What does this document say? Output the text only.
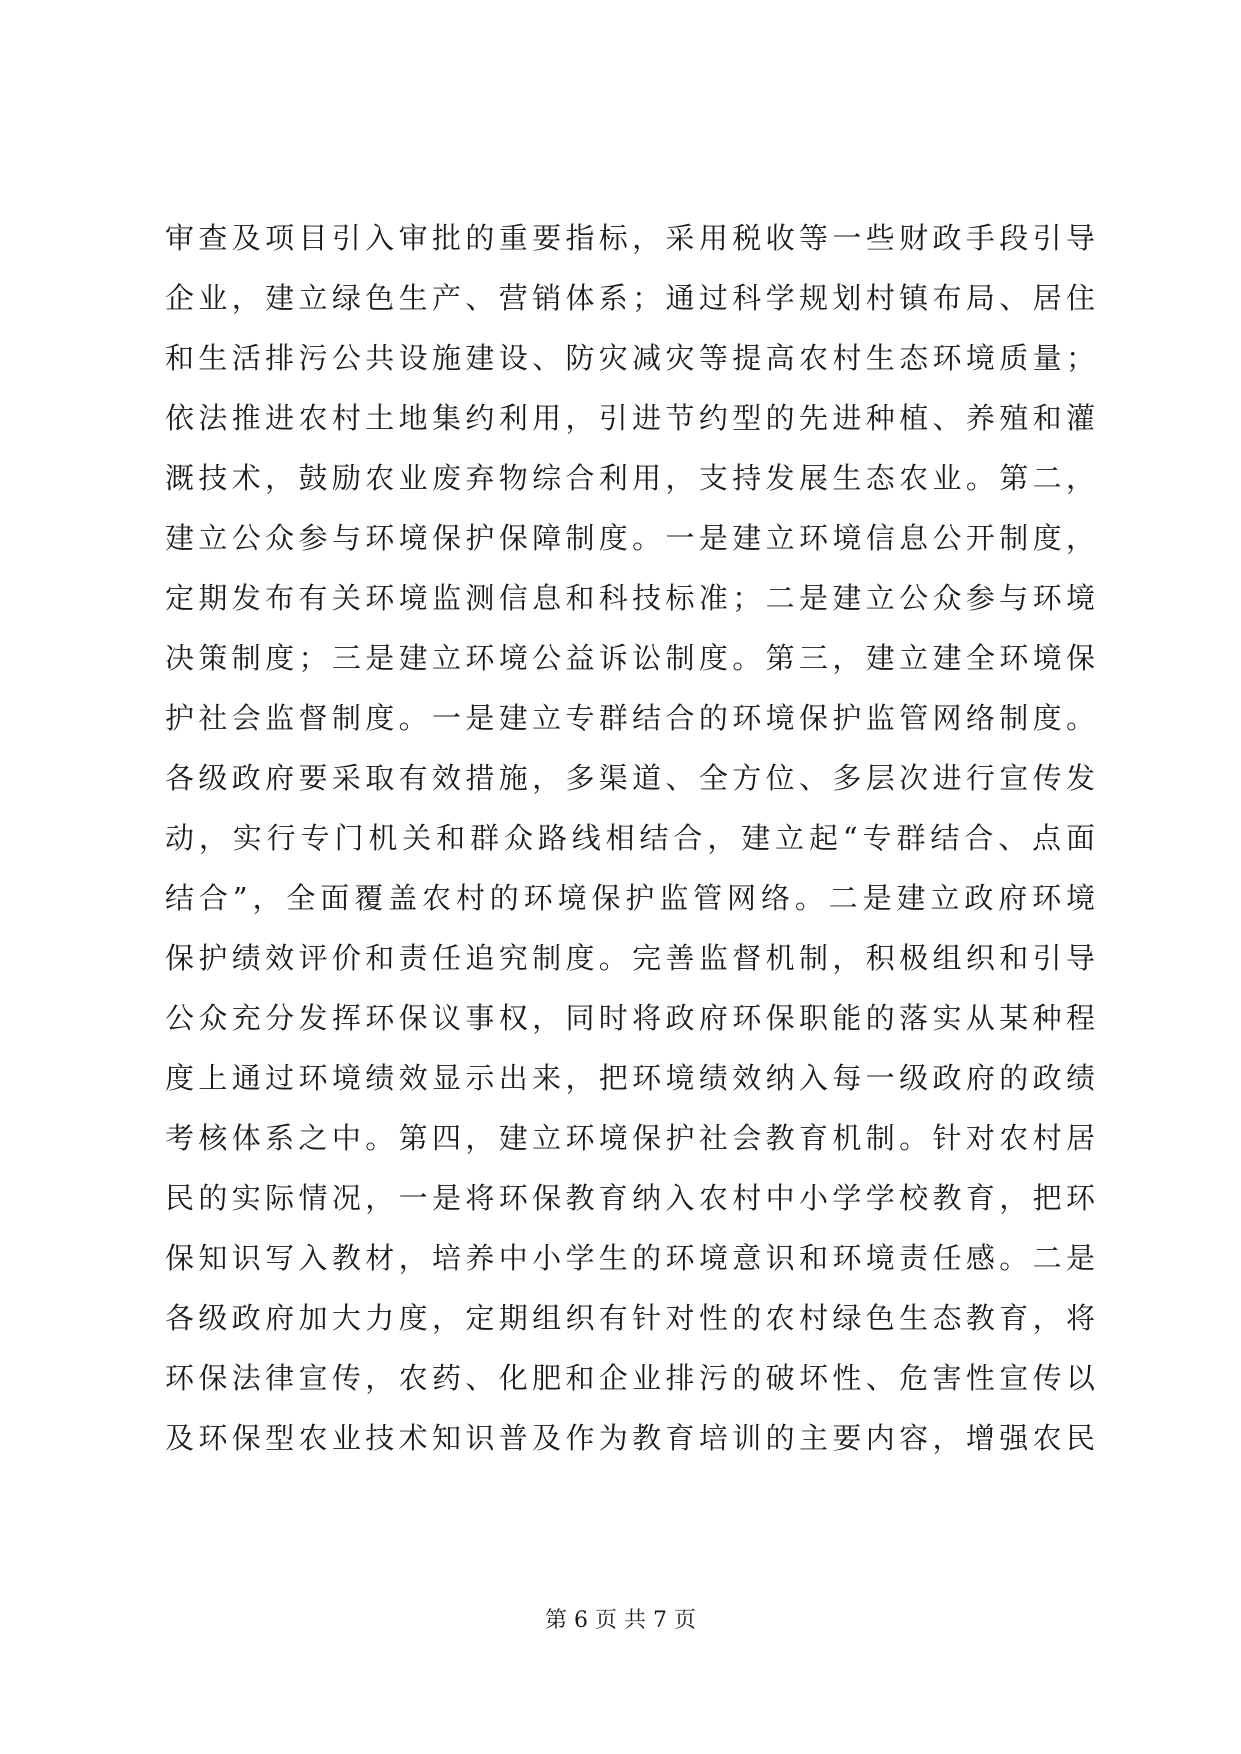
审查及项目引入审批的重要指标，采用税收等一些财政手段引导
企业，建立绿色生产、营销体系；通过科学规划村镇布局、居住
和生活排污公共设施建设、防灾减灾等提高农村生态环境质量；
依法推进农村土地集约利用，引进节约型的先进种植、养殖和灌
溉技术，鼓励农业废弃物综合利用，支持发展生态农业。第二，
建立公众参与环境保护保障制度。一是建立环境信息公开制度，
定期发布有关环境监测信息和科技标准；二是建立公众参与环境
决策制度；三是建立环境公益诉讼制度。第三，建立建全环境保
护社会监督制度。一是建立专群结合的环境保护监管网络制度。
各级政府要采取有效措施，多渠道、全方位、多层次进行宣传发
动，实行专门机关和群众路线相结合，建立起“专群结合、点面
结合”，全面覆盖农村的环境保护监管网络。二是建立政府环境
保护绩效评价和责任追究制度。完善监督机制，积极组织和引导
公众充分发挥环保议事权，同时将政府环保职能的落实从某种程
度上通过环境绩效显示出来，把环境绩效纳入每一级政府的政绩
考核体系之中。第四，建立环境保护社会教育机制。针对农村居
民的实际情况，一是将环保教育纳入农村中小学学校教育，把环
保知识写入教材，培养中小学生的环境意识和环境责任感。二是
各级政府加大力度，定期组织有针对性的农村绿色生态教育，将
环保法律宣传，农药、化肥和企业排污的破坏性、危害性宣传以
及环保型农业技术知识普及作为教育培训的主要内容，增强农民
第 6 页 共 7 页
